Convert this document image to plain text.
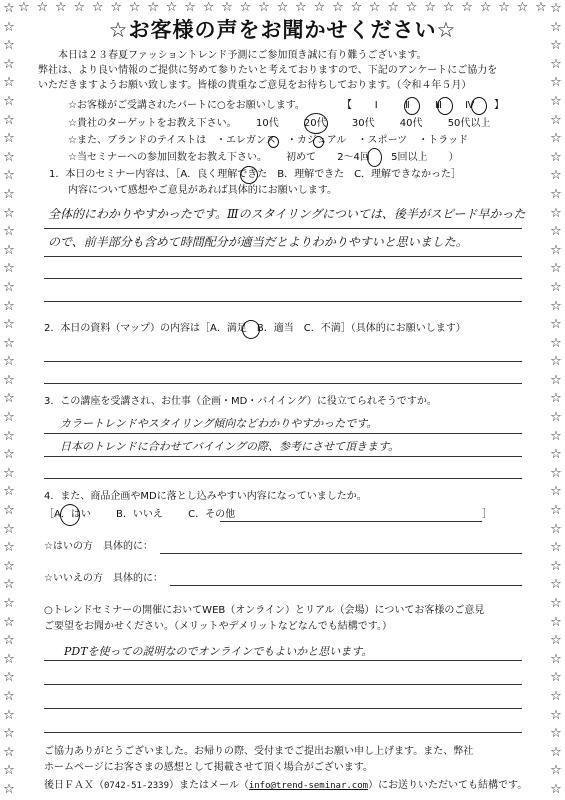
☆
☆
☆
☆
☆
☆
☆
☆
☆
☆
☆
☆
☆
☆
☆
☆
☆
☆
☆
☆
☆
☆
☆
☆
☆
☆
☆
☆
☆
☆
☆
☆
☆
☆
☆
☆
☆
☆
☆
☆
☆
☆
☆
☆
☆
☆
☆
☆
☆
☆
☆
☆
☆
☆
☆
☆
☆
☆
☆
☆
☆
☆
☆
☆
☆
☆
☆
☆
☆
☆
☆
☆
☆
☆
☆
☆
☆
☆
☆
☆
☆
☆
☆
☆
☆
☆
☆ ☆ ☆ ☆ ☆ ☆ ☆ ☆ ☆ ☆ ☆ ☆ ☆ ☆ ☆ ☆ ☆ ☆ ☆ ☆ ☆ ☆ ☆ ☆ ☆ ☆ ☆ ☆ ☆
☆お客様の声をお聞かせください☆
本日は２３春夏ファッショントレンド予測にご参加頂き誠に有り難うございます。
弊社は、より良い情報のご提供に努めて参りたいと考えておりますので、下記のアンケートにご協力を
いただきますようお願い致します。皆様の貴重なご意見をお待ちしております。（令和４年５月）
☆お客様がご受講されたパートに○をお願いします。	【 Ⅰ	Ⅱ	Ⅲ Ⅳ 】
☆貴社のターゲットをお教え下さい。 10代	20代	30代	40代	50代以上
☆また、ブランドのテイストは ・エレガンス ・カジュアル ・スポーツ ・トラッド
☆当セミナーへの参加回数をお教え下さい。 初めて 2〜4回 5回以上 ）
1．本日のセミナー内容は、［A．良く理解できた　B．理解できた　C．理解できなかった］
内容について感想やご意見があれば具体的にお願いします。
全体的にわかりやすかったです。Ⅲのスタイリングについては、後半がスピード早かった
ので、前半部分も含めて時間配分が適当だとよりわかりやすいと思いました。
2．本日の資料（マップ）の内容は［A．満足　B．適当　C．不満］（具体的にお願いします）
3．この講座を受講され、お仕事（企画・MD・バイイング）に役立てられそうですか。
カラートレンドやスタイリング傾向などわかりやすかったです。
日本のトレンドに合わせてバイイングの際、参考にさせて頂きます。
4．また、商品企画やMDに落とし込みやすい内容になっていましたか。
［A．はい	B．いいえ	C．その他	］
☆はいの方　具体的に：
☆いいえの方　具体的に：
○トレンドセミナーの開催においてWEB（オンライン）とリアル（会場）についてお客様のご意見
ご要望をお聞かせください。（メリットやデメリットなどなんでも結構です。）
PDTを使っての説明なのでオンラインでもよいかと思います。
ご協力ありがとうございました。お帰りの際、受付までご提出お願い申し上げます。また、弊社
ホームページにお客さまの感想として掲載させて頂く場合がございます。
後日ＦＡＸ（0742-51-2339）またはメール（info@trend-seminar.com）にお送りいただいても結構です。
